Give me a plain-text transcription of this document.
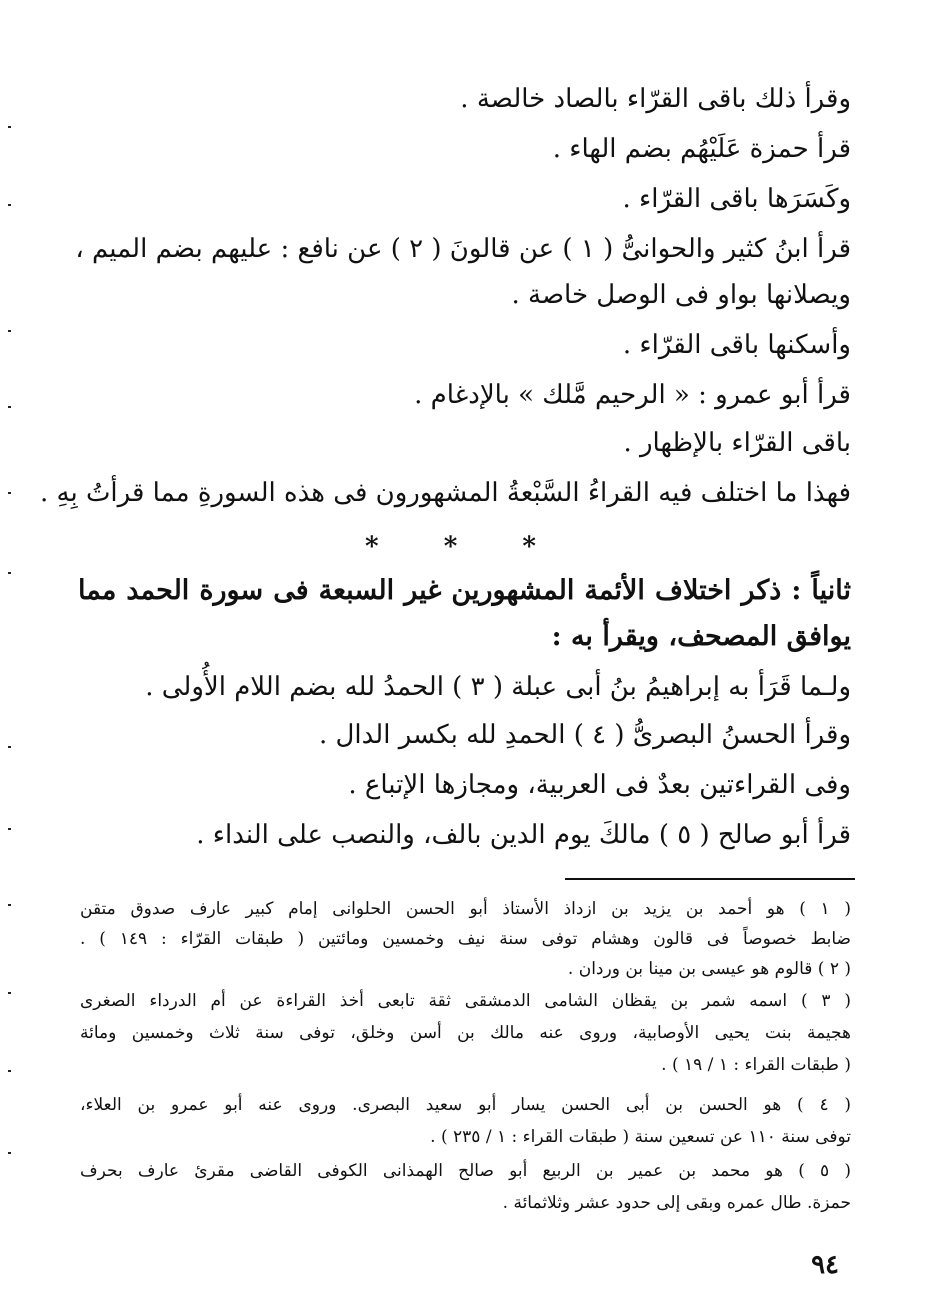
وقرأ ذلك باقى القرّاء بالصاد خالصة .
قرأ حمزة عَلَيْهُم بضم الهاء .
وكَسَرَها باقى القرّاء .
قرأ ابنُ كثير والحوانىُّ ( ١ ) عن قالونَ ( ٢ ) عن نافع : عليهم بضم الميم ،
ويصلانها بواو فى الوصل خاصة .
وأسكنها باقى القرّاء .
قرأ أبو عمرو : « الرحيم مَّلك » بالإدغام .
باقى القرّاء بالإظهار .
فهذا ما اختلف فيه القراءُ السَّبْعةُ المشهورون فى هذه السورةِ مما قرأتُ بِهِ .
* * *
ثانياً : ذكر اختلاف الأئمة المشهورين غير السبعة فى سورة الحمد مما
يوافق المصحف، ويقرأ به :
ولـما قَرَأ به إبراهيمُ بنُ أبى عبلة ( ٣ ) الحمدُ لله بضم اللام الأُولى .
وقرأ الحسنُ البصرىُّ ( ٤ ) الحمدِ لله بكسر الدال .
وفى القراءتين بعدٌ فى العربية، ومجازها الإتباع .
قرأ أبو صالح ( ٥ ) مالكَ يوم الدين بالف، والنصب على النداء .
( ١ ) هو أحمد بن يزيد بن ازداذ الأستاذ أبو الحسن الحلوانى إمام كبير عارف صدوق متقن
ضابط خصوصاً فى قالون وهشام توفى سنة نيف وخمسين ومائتين ( طبقات القرّاء : ١٤٩ ) .
( ٢ ) قالوم هو عيسى بن مينا بن وردان .
( ٣ ) اسمه شمر بن يقظان الشامى الدمشقى ثقة تابعى أخذ القراءة عن أم الدرداء الصغرى
هجيمة بنت يحيى الأوصابية، وروى عنه مالك بن أسن وخلق، توفى سنة ثلاث وخمسين ومائة
( طبقات القراء : ١ / ١٩ ) .
( ٤ ) هو الحسن بن أبى الحسن يسار أبو سعيد البصرى. وروى عنه أبو عمرو بن العلاء،
توفى سنة ١١٠ عن تسعين سنة ( طبقات القراء : ١ / ٢٣٥ ) .
( ٥ ) هو محمد بن عمير بن الربيع أبو صالح الهمذانى الكوفى القاضى مقرئ عارف بحرف
حمزة. طال عمره وبقى إلى حدود عشر وثلاثمائة .
٩٤
